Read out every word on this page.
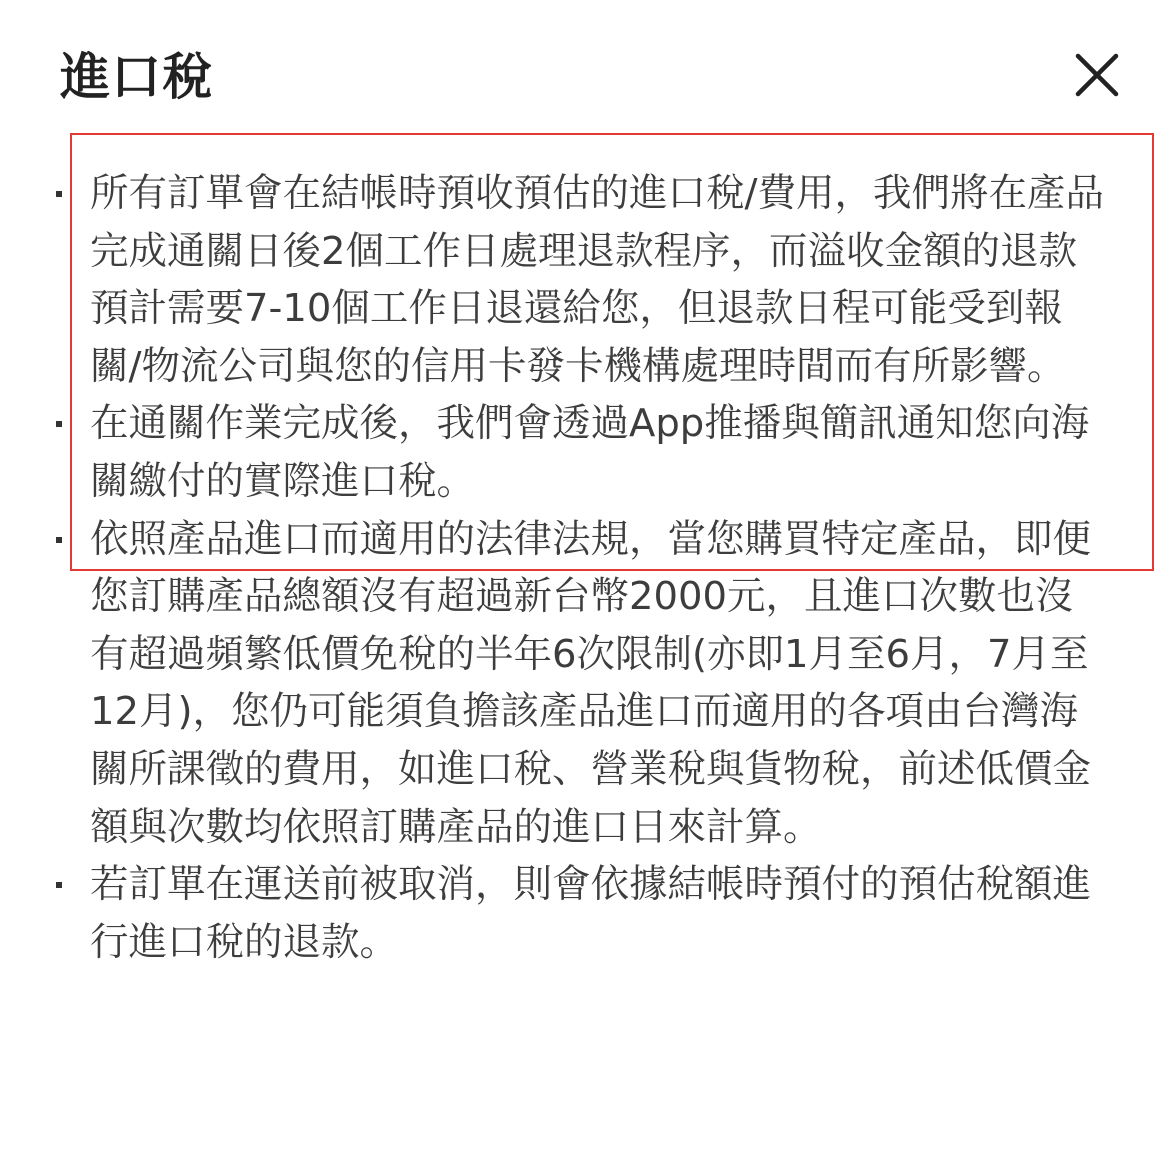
進口稅
所有訂單會在結帳時預收預估的進口稅/費用，我們將在產品完成通關日後2個工作日處理退款程序，而溢收金額的退款預計需要7-10個工作日退還給您，但退款日程可能受到報關/物流公司與您的信用卡發卡機構處理時間而有所影響。
在通關作業完成後，我們會透過App推播與簡訊通知您向海關繳付的實際進口稅。
依照產品進口而適用的法律法規，當您購買特定產品，即便您訂購產品總額沒有超過新台幣2000元，且進口次數也沒有超過頻繁低價免稅的半年6次限制(亦即1月至6月，7月至12月)，您仍可能須負擔該產品進口而適用的各項由台灣海關所課徵的費用，如進口稅、營業稅與貨物稅，前述低價金額與次數均依照訂購產品的進口日來計算。
若訂單在運送前被取消，則會依據結帳時預付的預估稅額進行進口稅的退款。
